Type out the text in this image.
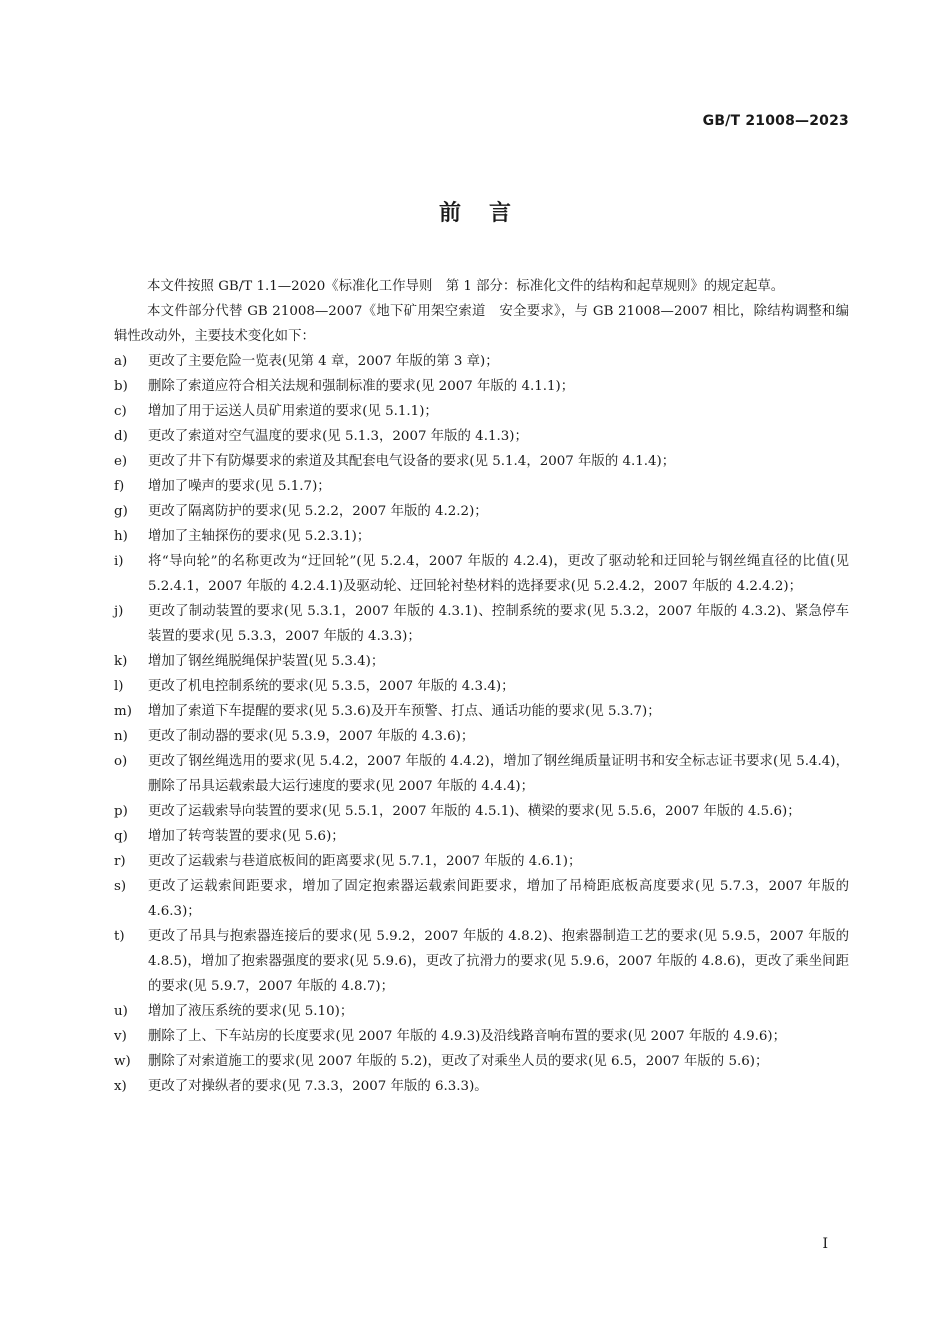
GB/T 21008—2023
前言
本文件按照 GB/T 1.1—2020《标准化工作导则　第 1 部分：标准化文件的结构和起草规则》的规定起草。
本文件部分代替 GB 21008—2007《地下矿用架空索道　安全要求》，与 GB 21008—2007 相比，除结构调整和编辑性改动外，主要技术变化如下：
a)	更改了主要危险一览表(见第 4 章，2007 年版的第 3 章)；
b)	删除了索道应符合相关法规和强制标准的要求(见 2007 年版的 4.1.1)；
c)	增加了用于运送人员矿用索道的要求(见 5.1.1)；
d)	更改了索道对空气温度的要求(见 5.1.3，2007 年版的 4.1.3)；
e)	更改了井下有防爆要求的索道及其配套电气设备的要求(见 5.1.4，2007 年版的 4.1.4)；
f)	增加了噪声的要求(见 5.1.7)；
g)	更改了隔离防护的要求(见 5.2.2，2007 年版的 4.2.2)；
h)	增加了主轴探伤的要求(见 5.2.3.1)；
i)	将“导向轮”的名称更改为“迂回轮”(见 5.2.4，2007 年版的 4.2.4)，更改了驱动轮和迂回轮与钢丝绳直径的比值(见 5.2.4.1，2007 年版的 4.2.4.1)及驱动轮、迂回轮衬垫材料的选择要求(见 5.2.4.2，2007 年版的 4.2.4.2)；
j)	更改了制动装置的要求(见 5.3.1，2007 年版的 4.3.1)、控制系统的要求(见 5.3.2，2007 年版的 4.3.2)、紧急停车装置的要求(见 5.3.3，2007 年版的 4.3.3)；
k)	增加了钢丝绳脱绳保护装置(见 5.3.4)；
l)	更改了机电控制系统的要求(见 5.3.5，2007 年版的 4.3.4)；
m)	增加了索道下车提醒的要求(见 5.3.6)及开车预警、打点、通话功能的要求(见 5.3.7)；
n)	更改了制动器的要求(见 5.3.9，2007 年版的 4.3.6)；
o)	更改了钢丝绳选用的要求(见 5.4.2，2007 年版的 4.4.2)，增加了钢丝绳质量证明书和安全标志证书要求(见 5.4.4)，删除了吊具运载索最大运行速度的要求(见 2007 年版的 4.4.4)；
p)	更改了运载索导向装置的要求(见 5.5.1，2007 年版的 4.5.1)、横梁的要求(见 5.5.6，2007 年版的 4.5.6)；
q)	增加了转弯装置的要求(见 5.6)；
r)	更改了运载索与巷道底板间的距离要求(见 5.7.1，2007 年版的 4.6.1)；
s)	更改了运载索间距要求，增加了固定抱索器运载索间距要求，增加了吊椅距底板高度要求(见 5.7.3，2007 年版的 4.6.3)；
t)	更改了吊具与抱索器连接后的要求(见 5.9.2，2007 年版的 4.8.2)、抱索器制造工艺的要求(见 5.9.5，2007 年版的 4.8.5)，增加了抱索器强度的要求(见 5.9.6)，更改了抗滑力的要求(见 5.9.6，2007 年版的 4.8.6)，更改了乘坐间距的要求(见 5.9.7，2007 年版的 4.8.7)；
u)	增加了液压系统的要求(见 5.10)；
v)	删除了上、下车站房的长度要求(见 2007 年版的 4.9.3)及沿线路音响布置的要求(见 2007 年版的 4.9.6)；
w)	删除了对索道施工的要求(见 2007 年版的 5.2)，更改了对乘坐人员的要求(见 6.5，2007 年版的 5.6)；
x)	更改了对操纵者的要求(见 7.3.3，2007 年版的 6.3.3)。
I
